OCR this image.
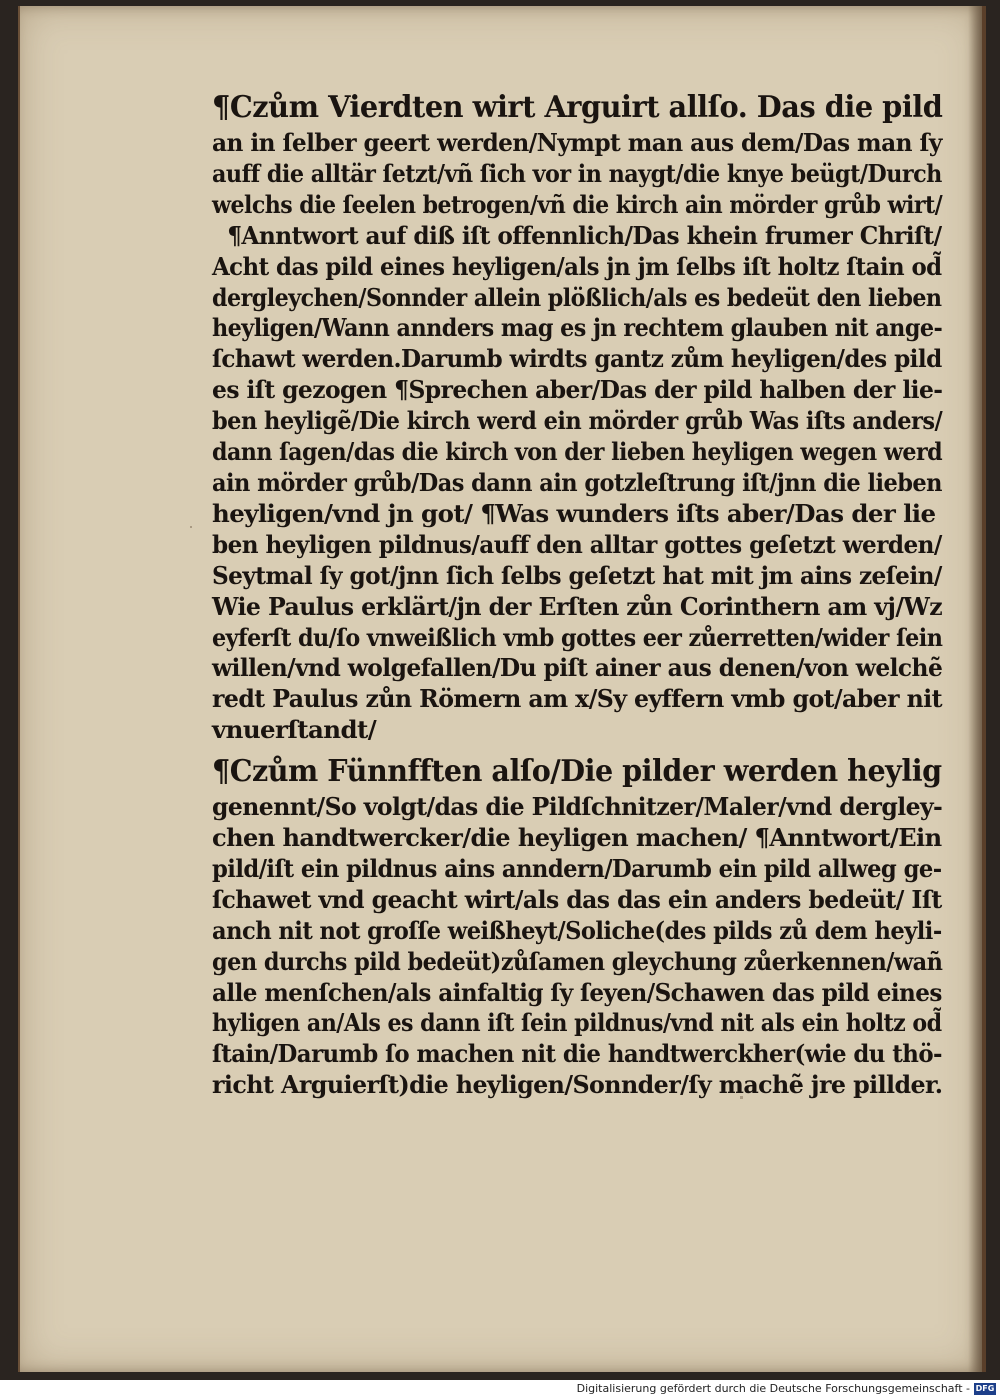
¶Czům Vierdten wirt Arguirt allſo. Das die pild
an in ſelber geert werden/Nympt man aus dem/Das man ſy
auff die alltär ſetzt/vñ ſich vor in naygt/die knye beügt/Durch
welchs die ſeelen betrogen/vñ die kirch ain mörder grůb wirt/
¶Anntwort auf diß iſt offennlich/Das khein frumer Chriſt/
Acht das pild eines heyligen/als jn jm ſelbs iſt holtz ſtain od̃
dergleychen/Sonnder allein plößlich/als es bedeüt den lieben
heyligen/Wann annders mag es jn rechtem glauben nit ange-
ſchawt werden.Darumb wirdts gantz zům heyligen/des pild
es iſt gezogen ¶Sprechen aber/Das der pild halben der lie-
ben heyligẽ/Die kirch werd ein mörder grůb Was iſts anders/
dann ſagen/das die kirch von der lieben heyligen wegen werd
ain mörder grůb/Das dann ain gotzleſtrung iſt/jnn die lieben
heyligen/vnd jn got/ ¶Was wunders iſts aber/Das der lie
ben heyligen pildnus/auff den alltar gottes geſetzt werden/
Seytmal ſy got/jnn ſich ſelbs geſetzt hat mit jm ains zeſein/
Wie Paulus erklärt/jn der Erſten zůn Corinthern am vj/Wz
eyferſt du/ſo vnweißlich vmb gottes eer zůerretten/wider ſein
willen/vnd wolgefallen/Du piſt ainer aus denen/von welchẽ
redt Paulus zůn Römern am x/Sy eyffern vmb got/aber nit
vnuerſtandt/
¶Czům Fünnfften alſo/Die pilder werden heylig
genennt/So volgt/das die Pildſchnitzer/Maler/vnd dergley-
chen handtwercker/die heyligen machen/ ¶Anntwort/Ein
pild/iſt ein pildnus ains anndern/Darumb ein pild allweg ge-
ſchawet vnd geacht wirt/als das das ein anders bedeüt/ Iſt
anch nit not groſſe weißheyt/Soliche(des pilds zů dem heyli-
gen durchs pild bedeüt)zůſamen gleychung zůerkennen/wañ
alle menſchen/als ainfaltig ſy ſeyen/Schawen das pild eines
hyligen an/Als es dann iſt ſein pildnus/vnd nit als ein holtz od̃
ſtain/Darumb ſo machen nit die handtwerckher(wie du thö-
richt Arguierſt)die heyligen/Sonnder/ſy machẽ jre pillder.
Digitalisierung gefördert durch die Deutsche Forschungsgemeinschaft - DFG
